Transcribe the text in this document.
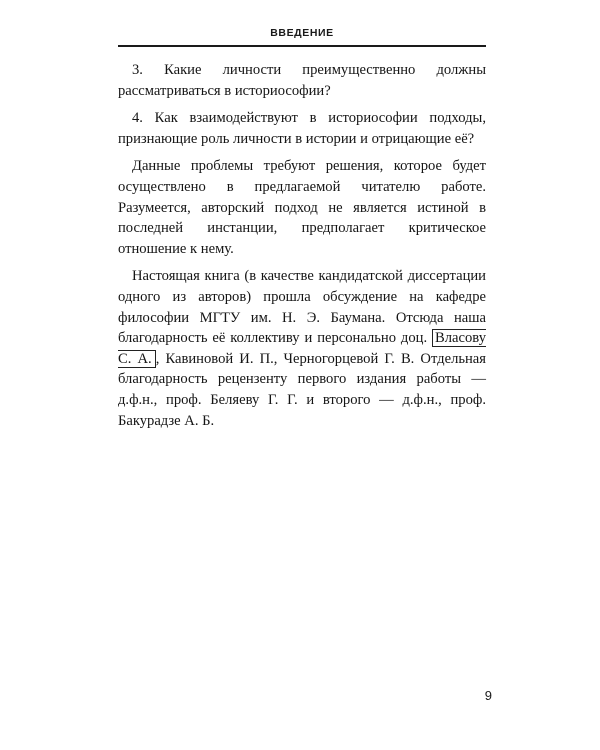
ВВЕДЕНИЕ

3. Какие личности преимущественно должны рассматриваться в историософии?

4. Как взаимодействуют в историософии подходы, признающие роль личности в истории и отрицающие её?

Данные проблемы требуют решения, которое будет осуществлено в предлагаемой читателю работе. Разумеется, авторский подход не является истиной в последней инстанции, предполагает критическое отношение к нему.

Настоящая книга (в качестве кандидатской диссертации одного из авторов) прошла обсуждение на кафедре философии МГТУ им. Н. Э. Баумана. Отсюда наша благодарность её коллективу и персонально доц. Власову С. А. , Кавиновой И. П., Черногорцевой Г. В. Отдельная благодарность рецензенту первого издания работы — д.ф.н., проф. Беляеву Г. Г. и второго — д.ф.н., проф. Бакурадзе А. Б.

9
